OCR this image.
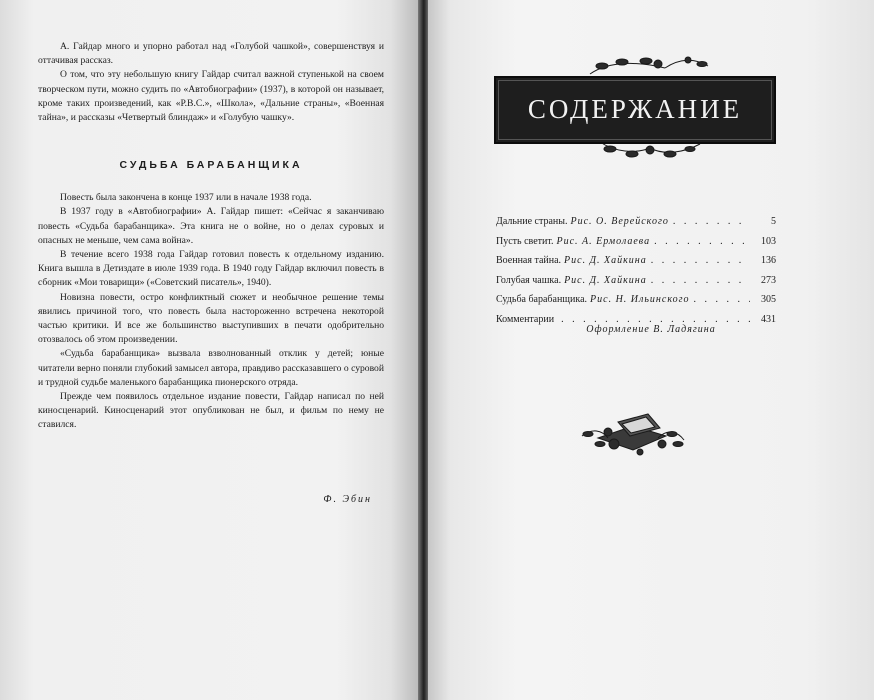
А. Гайдар много и упорно работал над «Голубой чашкой», совершенствуя и оттачивая рассказ.

О том, что эту небольшую книгу Гайдар считал важной ступенькой на своем творческом пути, можно судить по «Автобиографии» (1937), в которой он называет, кроме таких произведений, как «Р.В.С.», «Школа», «Дальние страны», «Военная тайна», и рассказы «Четвертый блиндаж» и «Голубую чашку».

СУДЬБА БАРАБАНЩИКА

Повесть была закончена в конце 1937 или в начале 1938 года.

В 1937 году в «Автобиографии» А. Гайдар пишет: «Сейчас я заканчиваю повесть «Судьба барабанщика». Эта книга не о войне, но о делах суровых и опасных не меньше, чем сама война».

В течение всего 1938 года Гайдар готовил повесть к отдельному изданию. Книга вышла в Детиздате в июле 1939 года. В 1940 году Гайдар включил повесть в сборник «Мои товарищи» («Советский писатель», 1940).

Новизна повести, остро конфликтный сюжет и необычное решение темы явились причиной того, что повесть была настороженно встречена некоторой частью критики. И все же большинство выступивших в печати одобрительно отозвалось об этом произведении.

«Судьба барабанщика» вызвала взволнованный отклик у детей; юные читатели верно поняли глубокий замысел автора, правдиво рассказавшего о суровой и трудной судьбе маленького барабанщика пионерского отряда.

Прежде чем появилось отдельное издание повести, Гайдар написал по ней киносценарий. Киносценарий этот опубликован не был, и фильм по нему не ставился.

Ф. Эбин
СОДЕРЖАНИЕ
Дальние страны. Рис. О. Верейского . . .	5
Пусть светит. Рис. А. Ермолаева . . .	103
Военная тайна. Рис. Д. Хайкина . . .	136
Голубая чашка. Рис. Д. Хайкина . . .	273
Судьба барабанщика. Рис. Н. Ильинского . . .	305
Комментарии . . .	431
Оформление В. Ладягина
